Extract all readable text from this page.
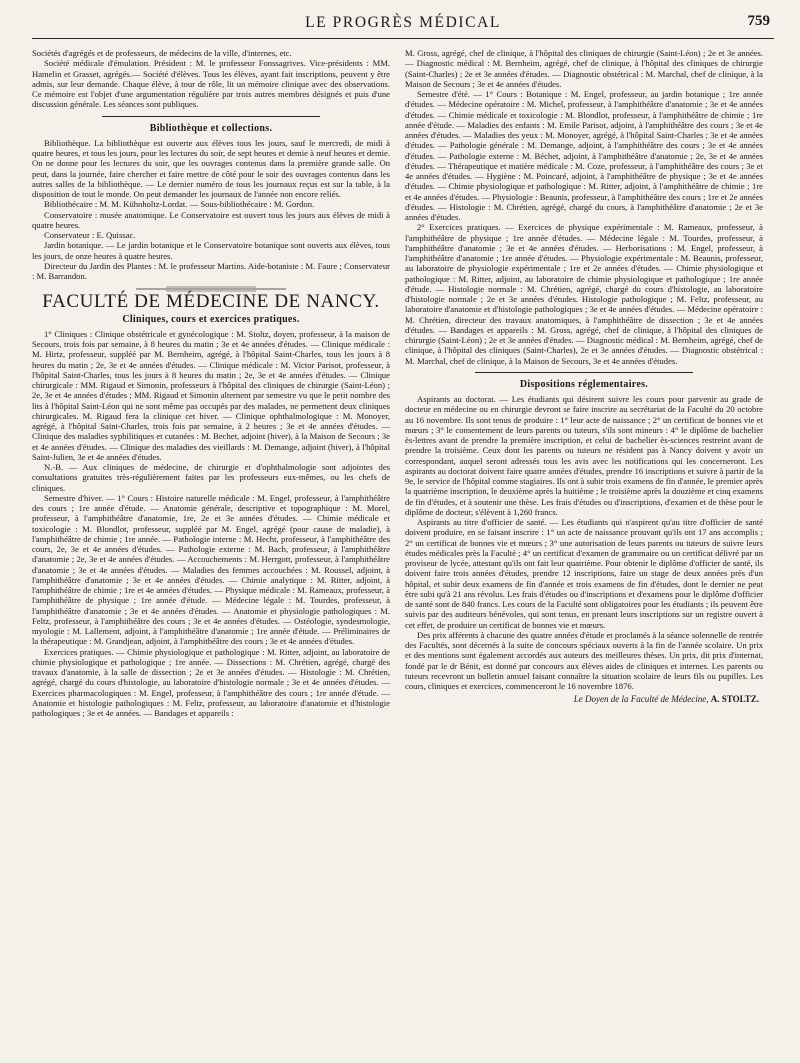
LE PROGRÈS MÉDICAL	759

Sociétés d'agrégés et de professeurs, de médecins de la ville, d'internes, etc.

Société médicale d'émulation. Président : M. le professeur Fonssagrives. Vice-présidents : MM. Hamelin et Grasset, agrégés.— Société d'élèves. Tous les élèves, ayant fait inscriptions, peuvent y être admis, sur leur demande. Chaque élève, à tour de rôle, lit un mémoire clinique avec des observations. Ce mémoire est l'objet d'une argumentation régulière par trois autres membres désignés et puis d'une discussion générale. Les séances sont publiques.

Bibliothèque et collections.

Bibliothèque. La bibliothèque est ouverte aux élèves tous les jours, sauf le mercredi, de midi à quatre heures, et tous les jours, pour les lectures du soir, de sept heures et demie à neuf heures et demie. On ne donne pour les lectures du soir, que les ouvrages contenus dans la première grande salle. On peut, dans la journée, faire chercher et faire mettre de côté pour le soir des ouvrages contenus dans les autres salles de la bibliothèque. — Le dernier numéro de tous les journaux reçus est sur la table, à la disposition de tout le monde. On peut demander les journaux de l'année non encore reliés.

Bibliothécaire : M. M. Kühnholtz-Lordat. — Sous-bibliothécaire : M. Gordon.

Conservatoire : musée anatomique. Le Conservatoire est ouvert tous les jours aux élèves de midi à quatre heures.

Conservateur : E. Quissac.

Jardin botanique. — Le jardin botanique et le Conservatoire botanique sont ouverts aux élèves, tous les jours, de onze heures à quatre heures.

Directeur du Jardin des Plantes : M. le professeur Martins. Aide-botaniste : M. Faure ; Conservateur : M. Barrandon.

FACULTÉ DE MÉDECINE DE NANCY.
Cliniques, cours et exercices pratiques.

1° Cliniques : Clinique obstétricale et gynécologique : M. Stoltz, doyen, professeur, à la maison de Secours, trois fois par semaine, à 8 heures du matin ; 3e et 4e années d'études. — Clinique médicale : M. Hirtz, professeur, suppléé par M. Bernheim, agrégé, à l'hôpital Saint-Charles, tous les jours à 8 heures du matin ; 2e, 3e et 4e années d'études. — Clinique médicale : M. Victor Parisot, professeur, à l'hôpital Saint-Charles, tous les jours à 8 heures du matin ; 2e, 3e et 4e années d'études. — Clinique chirurgicale : MM. Rigaud et Simonin, professeurs à l'hôpital des cliniques de chirurgie (Saint-Léon) ; 2e, 3e et 4e années d'études ; MM. Rigaud et Simonin alternent par semestre vu que le petit nombre des lits à l'hôpital Saint-Léon qui ne sont même pas occupés par des malades, ne permettent deux cliniques chirurgicales. M. Rigaud fera la clinique cet hiver. — Clinique ophthalmologique : M. Monoyer, agrégé, à l'hôpital Saint-Charles, trois fois par semaine, à 2 heures ; 3e et 4e années d'études. — Clinique des maladies syphilitiques et cutanées : M. Bechet, adjoint (hiver), à la Maison de Secours ; 3e et 4e années d'études. — Clinique des maladies des vieillards : M. Demange, adjoint (hiver), à l'hôpital Saint-Julien, 3e et 4e années d'études.

N.-B. — Aux cliniques de médecine, de chirurgie et d'ophthalmologie sont adjointes des consultations gratuites très-régulièrement faites par les professeurs eux-mêmes, ou les chefs de cliniques.

Semestre d'hiver. — 1° Cours : Histoire naturelle médicale : M. Engel, professeur, à l'amphithéâtre des cours ; 1re année d'étude. — Anatomie générale, descriptive et topographique : M. Morel, professeur, à l'amphithéâtre d'anatomie, 1re, 2e et 3e années d'études. — Chimie médicale et toxicologie : M. Blondlot, professeur, suppléé par M. Engel, agrégé (pour cause de maladie), à l'amphithéâtre de chimie ; 1re année. — Pathologie interne : M. Hecht, professeur, à l'amphithéâtre des cours, 2e, 3e et 4e années d'études. — Pathologie externe : M. Bach, professeur, à l'amphithéâtre d'anatomie ; 2e, 3e et 4e années d'études. — Accouchements : M. Herrgott, professeur, à l'amphithéâtre d'anatomie ; 3e et 4e années d'études. — Maladies des femmes accouchées : M. Roussel, adjoint, à l'amphithéâtre d'anatomie ; 3e et 4e années d'études. — Chimie analytique : M. Ritter, adjoint, à l'amphithéâtre de chimie ; 1re et 4e années d'études. — Physique médicale : M. Rameaux, professeur, à l'amphithéâtre de physique ; 1re année d'étude. — Médecine légale : M. Tourdes, professeur, à l'amphithéâtre d'anatomie ; 3e et 4e années d'études. — Anatomie et physiologie pathologiques : M. Feltz, professeur, à l'amphithéâtre des cours ; 3e et 4e années d'études. — Ostéologie, syndesmologie, myologie : M. Lallement, adjoint, à l'amphithéâtre d'anatomie ; 1re année d'étude. — Préliminaires de la thérapeutique : M. Grandjean, adjoint, à l'amphithéâtre des cours ; 3e et 4e années d'études.

Exercices pratiques. — Chimie physiologique et pathologique : M. Ritter, adjoint, au laboratoire de chimie physiologique et pathologique ; 1re année. — Dissections : M. Chrétien, agrégé, chargé des travaux d'anatomie, à la salle de dissection ; 2e et 3e années d'études. — Histologie : M. Chrétien, agrégé, chargé du cours d'histologie, au laboratoire d'histologie normale ; 3e et 4e années d'études. — Exercices pharmacologiques : M. Engel, professeur, à l'amphithéâtre des cours ; 1re année d'étude. — Anatomie et histologie pathologiques : M. Feltz, professeur, au laboratoire d'anatomie et d'histologie pathologiques ; 3e et 4e années. — Bandages et appareils :

M. Gross, agrégé, chef de clinique, à l'hôpital des cliniques de chirurgie (Saint-Léon) ; 2e et 3e années. — Diagnostic médical : M. Bernheim, agrégé, chef de clinique, à l'hôpital des cliniques de chirurgie (Saint-Charles) ; 2e et 3e années d'études. — Diagnostic obstétrical : M. Marchal, chef de clinique, à la Maison de Secours ; 3e et 4e années d'études.

Semestre d'été. — 1° Cours : Botanique : M. Engel, professeur, au jardin botanique ; 1re année d'études. — Médecine opératoire : M. Michel, professeur, à l'amphithéâtre d'anatomie ; 3e et 4e années d'études. — Chimie médicale et toxicologie : M. Blondlot, professeur, à l'amphithéâtre de chimie ; 1re année d'étude. — Maladies des enfants : M. Emile Parisot, adjoint, à l'amphithéâtre des cours ; 3e et 4e années d'études. — Maladies des yeux : M. Monoyer, agrégé, à l'hôpital Saint-Charles ; 3e et 4e années d'études. — Pathologie générale : M. Demange, adjoint, à l'amphithéâtre des cours ; 3e et 4e années d'études. — Pathologie externe : M. Béchet, adjoint, à l'amphithéâtre d'anatomie ; 2e, 3e et 4e années d'études. — Thérapeutique et matière médicale : M. Coze, professeur, à l'amphithéâtre des cours ; 3e et 4e années d'études. — Hygiène : M. Poincaré, adjoint, à l'amphithéâtre de physique ; 3e et 4e années d'études. — Chimie physiologique et pathologique : M. Ritter, adjoint, à l'amphithéâtre de chimie ; 1re et 4e années d'études. — Physiologie : Beaunis, professeur, à l'amphithéâtre des cours ; 1re et 2e années d'études. — Histologie : M. Chrétien, agrégé, chargé du cours, à l'amphithéâtre d'anatomie ; 2e et 3e années d'études.

2° Exercices pratiques. — Exercices de physique expérimentale : M. Rameaux, professeur, à l'amphithéâtre de physique ; 1re année d'études. — Médecine légale : M. Tourdes, professeur, à l'amphithéâtre d'anatomie ; 3e et 4e années d'études. — Herborisations : M. Engel, professeur, à l'amphithéâtre d'anatomie ; 1re année d'études. — Physiologie expérimentale : M. Beaunis, professeur, au laboratoire de physiologie expérimentale ; 1re et 2e années d'études. — Chimie physiologique et pathologique : M. Ritter, adjoint, au laboratoire de chimie physiologique et pathologique ; 1re année d'étude. — Histologie normale : M. Chrétien, agrégé, chargé du cours d'histologie, au laboratoire d'histologie normale ; 2e et 3e années d'études. Histologie pathologique ; M. Feltz, professeur, au laboratoire d'anatomie et d'histologie pathologiques ; 3e et 4e années d'études. — Médecine opératoire : M. Chrétien, directeur des travaux anatomiques, à l'amphithéâtre de dissection ; 3e et 4e années d'études. — Bandages et appareils : M. Gross, agrégé, chef de clinique, à l'hôpital des cliniques de chirurgie (Saint-Léon) ; 2e et 3e années d'études. — Diagnostic médical : M. Bernheim, agrégé, chef de clinique, à l'hôpital des cliniques (Saint-Charles), 2e et 3e années d'études. — Diagnostic obstétrical : M. Marchal, chef de clinique, à la Maison de Secours, 3e et 4e années d'études.

Dispositions réglementaires.

Aspirants au doctorat. — Les étudiants qui désirent suivre les cours pour parvenir au grade de docteur en médecine ou en chirurgie devront se faire inscrire au secrétariat de la Faculté du 20 octobre au 16 novembre. Ils sont tenus de produire : 1° leur acte de naissance ; 2° un certificat de bonnes vie et mœurs ; 3° le consentement de leurs parents ou tuteurs, s'ils sont mineurs : 4° le diplôme de bachelier ès-lettres avant de prendre la première inscription, et celui de bachelier ès-sciences restreint avant de prendre la troisième. Ceux dont les parents ou tuteurs ne résident pas à Nancy doivent y avoir un correspondant, auquel seront adressés tous les avis avec les notifications qui les concerneront. Les aspirants au doctorat doivent faire quatre années d'études, prendre 16 inscriptions et suivre à partir de la 9e, le service de l'hôpital comme stagiaires. Ils ont à subir trois examens de fin d'année, le premier après la quatrième inscription, le deuxième après la huitième ; le troisième après la douzième et cinq examens de fin d'études, et à soutenir une thèse. Les frais d'études ou d'inscriptions, d'examen et de thèse pour le diplôme de docteur, s'élèvent à 1,260 francs.

Aspirants au titre d'officier de santé. — Les étudiants qui n'aspirent qu'au titre d'officier de santé doivent produire, en se faisant inscrire : 1° un acte de naissance prouvant qu'ils ont 17 ans accomplis ; 2° un certificat de bonnes vie et mœurs ; 3° une autorisation de leurs parents ou tuteurs de suivre leurs études médicales près la Faculté ; 4° un certificat d'examen de grammaire ou un certificat délivré par un proviseur de lycée, attestant qu'ils ont fait leur quatrième. Pour obtenir le diplôme d'officier de santé, ils doivent faire trois années d'études, prendre 12 inscriptions, faire un stage de deux années près d'un hôpital, et subir deux examens de fin d'année et trois examens de fin d'études, dont le dernier ne peut être subi qu'à 21 ans révolus. Les frais d'études ou d'inscriptions et d'examens pour le diplôme d'officier de santé sont de 840 francs. Les cours de la Faculté sont obligatoires pour les étudiants ; ils peuvent être suivis par des auditeurs bénévoles, qui sont tenus, en prenant leurs inscriptions sur un registre ouvert à cet effet, de produire un certificat de bonnes vie et mœurs.

Des prix afférents à chacune des quatre années d'étude et proclamés à la séance solennelle de rentrée des Facultés, sont décernés à la suite de concours spéciaux ouverts à la fin de l'année scolaire. Un prix et des mentions sont également accordés aux auteurs des meilleures thèses. Un prix, dit prix d'internat, fondé par le dr Bénit, est donné par concours aux élèves aides de cliniques et internes. Les parents ou tuteurs recevront un bulletin annuel faisant connaître la situation scolaire de leurs fils ou pupilles. Les cours, cliniques et exercices, commenceront le 16 novembre 1876.

Le Doyen de la Faculté de Médecine, A. STOLTZ.
